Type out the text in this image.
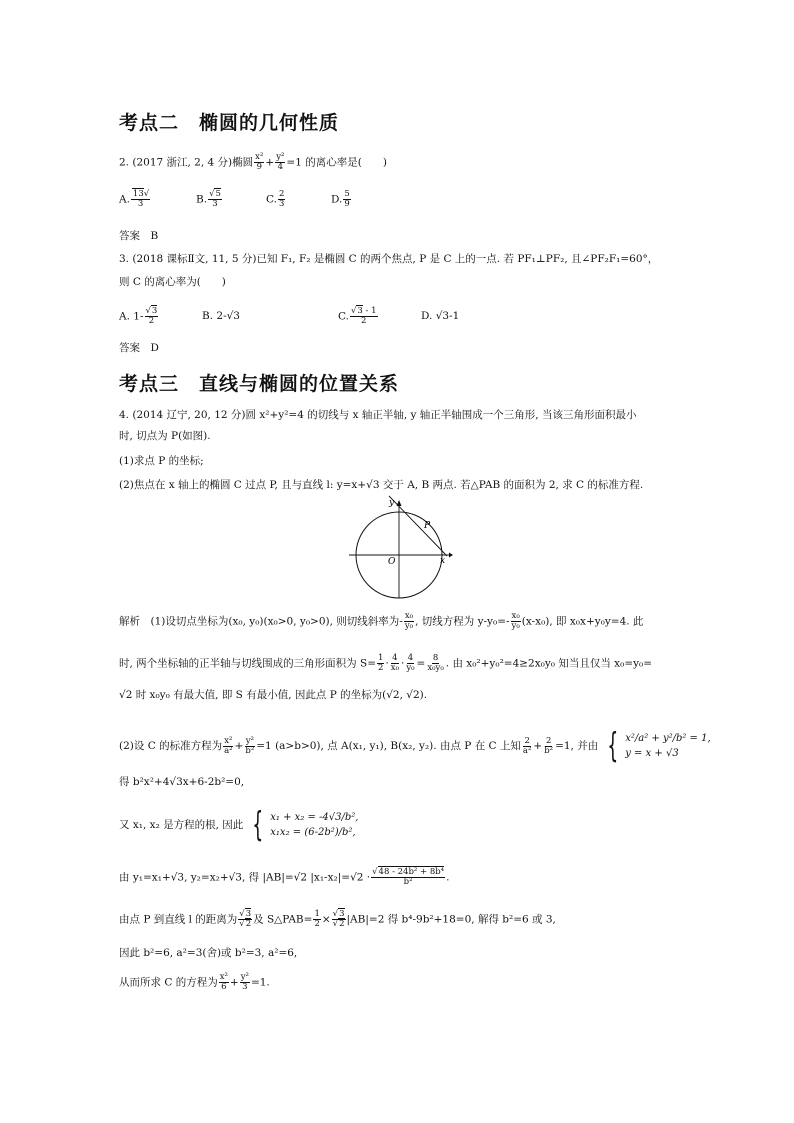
考点二　椭圆的几何性质
2. (2017 浙江, 2, 4 分)椭圆 $\frac{\text{x²}}{9} + \frac{\text{y²}}{4} =1$ 的离心率是(　　)
A. $\frac{13√}{3}$	B. $\frac{√5}{3}$	C. $\frac{2}{3}$	D. $\frac{5}{9}$
答案　B
3. (2018 课标Ⅱ文, 11, 5 分)已知 F₁, F₂ 是椭圆 C 的两个焦点, P 是 C 上的一点. 若 PF₁⊥PF₂, 且∠PF₂F₁=60°，
则 C 的离心率为(　　)
A. $1- \frac{√3}{2}$	B. 2-√3	C. $\frac{√3 - 1}{2}$	D. √3-1
答案　D
考点三　直线与椭圆的位置关系
4. (2014 辽宁, 20, 12 分)圆 x²+y²=4 的切线与 x 轴正半轴, y 轴正半轴围成一个三角形, 当该三角形面积最小
时, 切点为 P(如图).
(1)求点 P 的坐标;
(2)焦点在 x 轴上的椭圆 C 过点 P, 且与直线 l: y=x+√3 交于 A, B 两点. 若△PAB 的面积为 2, 求 C 的标准方程.
y
x
O
P
解析　(1)设切点坐标为(x₀, y₀)(x₀>0, y₀>0), 则切线斜率为- $\frac{\text{x₀}}{\text{y₀}}$ , 切线方程为 $y-y_0=- \frac{\text{x₀}}{\text{y₀}} (x-x_0)$, 即 x₀x+y₀y=4. 此
时, 两个坐标轴的正半轴与切线围成的三角形面积为 $S= \frac{1}{2} \cdot \frac{4}{\text{x₀}} \cdot \frac{4}{\text{y₀}} = \frac{8}{\text{x₀y₀}}$ . 由 x₀²+y₀²=4≥2x₀y₀ 知当且仅当 x₀=y₀=
√2 时 x₀y₀ 有最大值, 即 S 有最小值, 因此点 P 的坐标为(√2, √2).
(2)设 C 的标准方程为 $\frac{\text{x²}}{\text{a²}} + \frac{\text{y²}}{\text{b²}} =1$ (a>b>0), 点 A(x₁, y₁), B(x₂, y₂). 由点 P 在 C 上知 $\frac{2}{\text{a²}} + \frac{2}{\text{b²}} =1$, 并由 { x²/a² + y²/b² = 1,
y = x + √3
得 b²x²+4√3x+6-2b²=0,
又 x₁, x₂ 是方程的根, 因此 { x₁ + x₂ = -4√3/b²,
x₁x₂ = (6-2b²)/b²,
由 y₁=x₁+√3, y₂=x₂+√3, 得 |AB|=√2 $|x_1-x_2|=√2 \cdot \frac{\text{√48 - 24b² + 8b⁴}}{\text{b²}}$ .
由点 P 到直线 l 的距离为 $\frac{√3}{√2}$ 及 S△PAB= $\frac{1}{2} \times \frac{√3}{√2} |AB|=2$ 得 b⁴-9b²+18=0, 解得 b²=6 或 3,
因此 b²=6, a²=3(舍)或 b²=3, a²=6,
从而所求 C 的方程为 $\frac{\text{x²}}{6} + \frac{\text{y²}}{3} =1$.
